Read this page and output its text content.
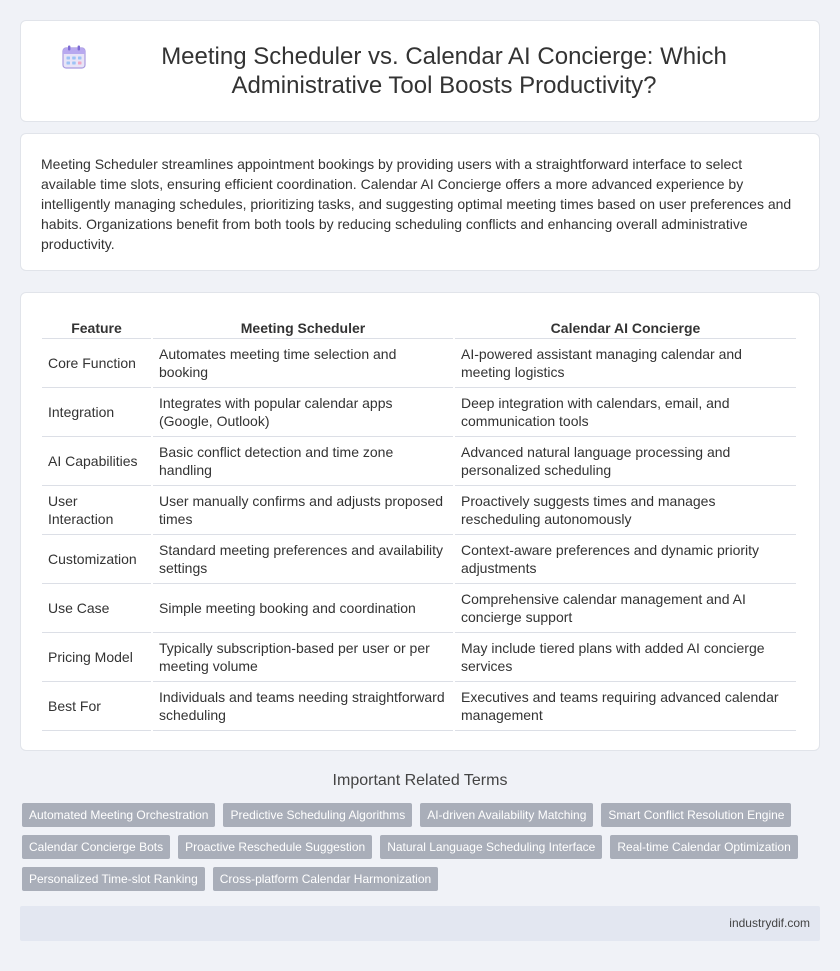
Meeting Scheduler vs. Calendar AI Concierge: Which Administrative Tool Boosts Productivity?

Meeting Scheduler streamlines appointment bookings by providing users with a straightforward interface to select available time slots, ensuring efficient coordination. Calendar AI Concierge offers a more advanced experience by intelligently managing schedules, prioritizing tasks, and suggesting optimal meeting times based on user preferences and habits. Organizations benefit from both tools by reducing scheduling conflicts and enhancing overall administrative productivity.

Feature	Meeting Scheduler	Calendar AI Concierge
Core Function	Automates meeting time selection and booking	AI-powered assistant managing calendar and meeting logistics
Integration	Integrates with popular calendar apps (Google, Outlook)	Deep integration with calendars, email, and communication tools
AI Capabilities	Basic conflict detection and time zone handling	Advanced natural language processing and personalized scheduling
User Interaction	User manually confirms and adjusts proposed times	Proactively suggests times and manages rescheduling autonomously
Customization	Standard meeting preferences and availability settings	Context-aware preferences and dynamic priority adjustments
Use Case	Simple meeting booking and coordination	Comprehensive calendar management and AI concierge support
Pricing Model	Typically subscription-based per user or per meeting volume	May include tiered plans with added AI concierge services
Best For	Individuals and teams needing straightforward scheduling	Executives and teams requiring advanced calendar management
Important Related Terms
Automated Meeting Orchestration	Predictive Scheduling Algorithms	AI-driven Availability Matching	Smart Conflict Resolution Engine
Calendar Concierge Bots	Proactive Reschedule Suggestion	Natural Language Scheduling Interface	Real-time Calendar Optimization
Personalized Time-slot Ranking	Cross-platform Calendar Harmonization
industrydif.com
